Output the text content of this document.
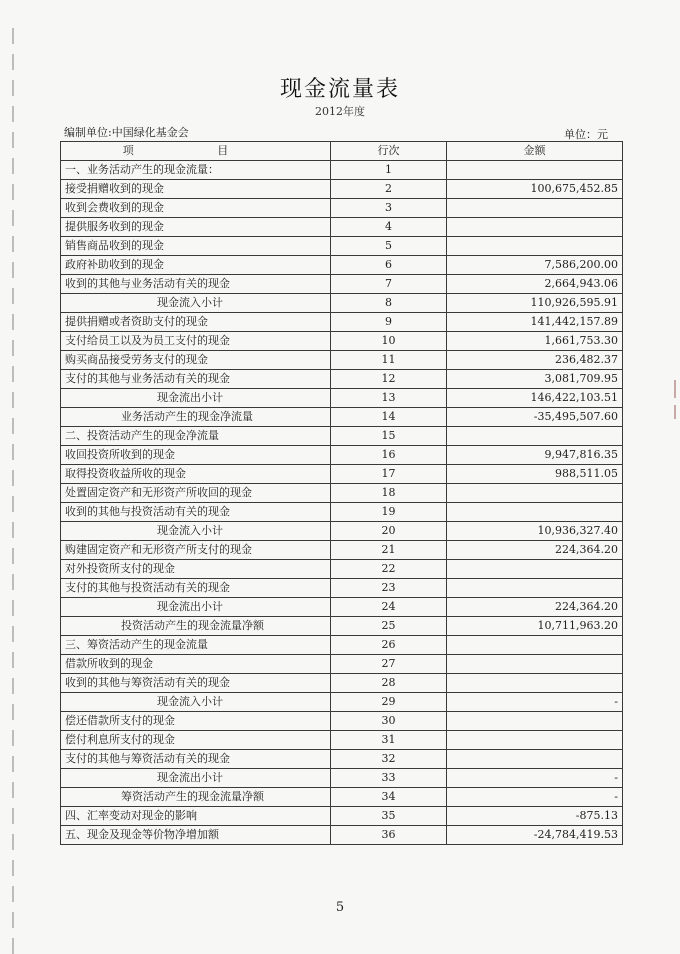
现金流量表
2012年度
编制单位:中国绿化基金会	单位：元
项 目	行次	金额
一、业务活动产生的现金流量：	1	
接受捐赠收到的现金	2	100,675,452.85
收到会费收到的现金	3	
提供服务收到的现金	4	
销售商品收到的现金	5	
政府补助收到的现金	6	7,586,200.00
收到的其他与业务活动有关的现金	7	2,664,943.06
现金流入小计	8	110,926,595.91
提供捐赠或者资助支付的现金	9	141,442,157.89
支付给员工以及为员工支付的现金	10	1,661,753.30
购买商品接受劳务支付的现金	11	236,482.37
支付的其他与业务活动有关的现金	12	3,081,709.95
现金流出小计	13	146,422,103.51
业务活动产生的现金净流量	14	-35,495,507.60
二、投资活动产生的现金净流量	15	
收回投资所收到的现金	16	9,947,816.35
取得投资收益所收的现金	17	988,511.05
处置固定资产和无形资产所收回的现金	18	
收到的其他与投资活动有关的现金	19	
现金流入小计	20	10,936,327.40
购建固定资产和无形资产所支付的现金	21	224,364.20
对外投资所支付的现金	22	
支付的其他与投资活动有关的现金	23	
现金流出小计	24	224,364.20
投资活动产生的现金流量净额	25	10,711,963.20
三、筹资活动产生的现金流量	26	
借款所收到的现金	27	
收到的其他与筹资活动有关的现金	28	
现金流入小计	29	-
偿还借款所支付的现金	30	
偿付利息所支付的现金	31	
支付的其他与筹资活动有关的现金	32	
现金流出小计	33	-
筹资活动产生的现金流量净额	34	-
四、汇率变动对现金的影响	35	-875.13
五、现金及现金等价物净增加额	36	-24,784,419.53
5
